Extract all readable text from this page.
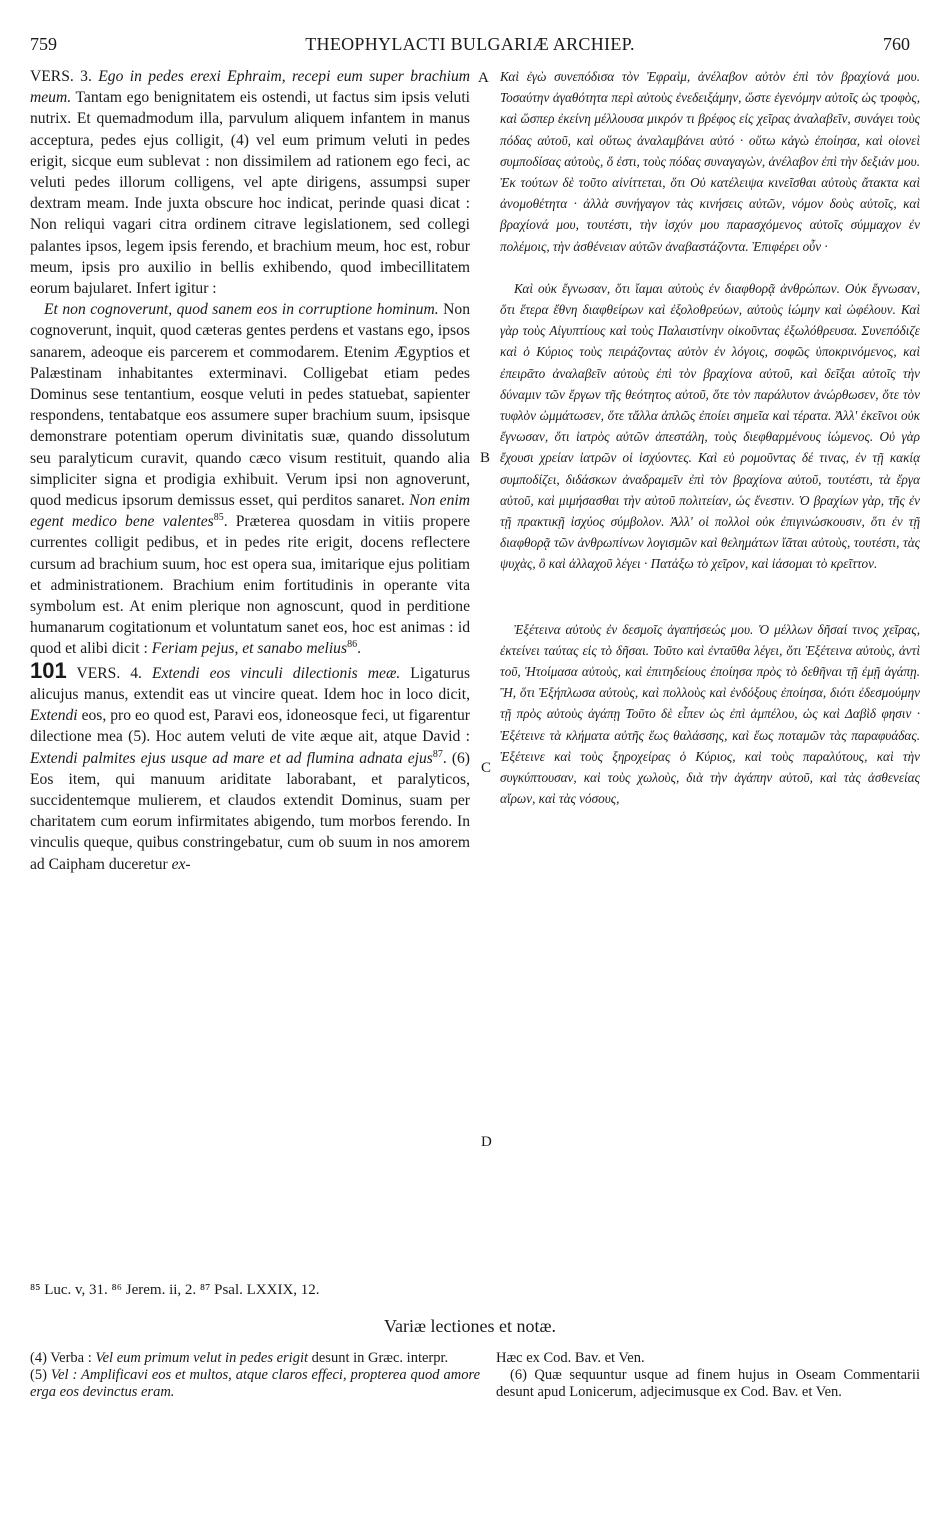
759	THEOPHYLACTI BULGARIÆ ARCHIEP.	760
A
B
C
D

VERS. 3. Ego in pedes erexi Ephraim, recepi eum super brachium meum. Tantam ego benignitatem eis ostendi, ut factus sim ipsis veluti nutrix. Et quemadmodum illa, parvulum aliquem infantem in manus acceptura, pedes ejus colligit, (4) vel eum primum veluti in pedes erigit, sicque eum sublevat : non dissimilem ad rationem ego feci, ac veluti pedes illorum colligens, vel apte dirigens, assumpsi super dextram meam. Inde juxta obscure hoc indicat, perinde quasi dicat : Non reliqui vagari citra ordinem citrave legislationem, sed collegi palantes ipsos, legem ipsis ferendo, et brachium meum, hoc est, robur meum, ipsis pro auxilio in bellis exhibendo, quod imbecillitatem eorum bajularet. Infert igitur :

Et non cognoverunt, quod sanem eos in corruptione hominum. Non cognoverunt, inquit, quod cæteras gentes perdens et vastans ego, ipsos sanarem, adeoque eis parcerem et commodarem. Etenim Ægyptios et Palæstinam inhabitantes exterminavi. Colligebat etiam pedes Dominus sese tentantium, eosque veluti in pedes statuebat, sapienter respondens, tentabatque eos assumere super brachium suum, ipsisque demonstrare potentiam operum divinitatis suæ, quando dissolutum seu paralyticum curavit, quando cæco visum restituit, quando alia simpliciter signa et prodigia exhibuit. Verum ipsi non agnoverunt, quod medicus ipsorum demissus esset, qui perditos sanaret. Non enim egent medico bene valentes$^{85}$. Præterea quosdam in vitiis propere currentes colligit pedibus, et in pedes rite erigit, docens reflectere cursum ad brachium suum, hoc est opera sua, imitarique ejus politiam et administrationem. Brachium enim fortitudinis in operante vita symbolum est. At enim plerique non agnoscunt, quod in perditione humanarum cogitationum et voluntatum sanet eos, hoc est animas : id quod et alibi dicit : Feriam pejus, et sanabo melius$^{86}$.

101 VERS. 4. Extendi eos vinculi dilectionis meæ. Ligaturus alicujus manus, extendit eas ut vincire queat. Idem hoc in loco dicit, Extendi eos, pro eo quod est, Paravi eos, idoneosque feci, ut figarentur dilectione mea (5). Hoc autem veluti de vite æque ait, atque David : Extendi palmites ejus usque ad mare et ad flumina adnata ejus$^{87}$. (6) Eos item, qui manuum ariditate laborabant, et paralyticos, succidentemque mulierem, et claudos extendit Dominus, suam per charitatem cum eorum infirmitates abigendo, tum morbos ferendo. In vinculis queque, quibus constringebatur, cum ob suum in nos amorem ad Caipham duceretur ex-

Καὶ ἐγὼ συνεπόδισα τὸν Ἐφραὶμ, ἀνέλαβον αὐτὸν ἐπὶ τὸν βραχίονά μου. Τοσαύτην ἀγαθότητα περὶ αὐτοὺς ἐνεδειξάμην, ὥστε ἐγενόμην αὐτοῖς ὡς τροφὸς, καὶ ὥσπερ ἐκείνη μέλλουσα μικρόν τι βρέφος εἰς χεῖρας ἀναλαβεῖν, συνάγει τοὺς πόδας αὐτοῦ, καὶ οὕτως ἀναλαμβάνει αὐτό · οὕτω κἀγὼ ἐποίησα, καὶ οἱονεὶ συμποδίσας αὐτοὺς, ὅ ἐστι, τοὺς πόδας συναγαγὼν, ἀνέλαβον ἐπὶ τὴν δεξιάν μου. Ἐκ τούτων δὲ τοῦτο αἰνίττεται, ὅτι Οὐ κατέλειψα κινεῖσθαι αὐτοὺς ἄτακτα καὶ ἀνομοθέτητα · ἀλλὰ συνήγαγον τὰς κινήσεις αὐτῶν, νόμον δοὺς αὐτοῖς, καὶ βραχίονά μου, τουτέστι, τὴν ἰσχύν μου παρασχόμενος αὐτοῖς σύμμαχον ἐν πολέμοις, τὴν ἀσθένειαν αὐτῶν ἀναβαστάζοντα. Ἐπιφέρει οὖν ·

Καὶ οὐκ ἔγνωσαν, ὅτι ἴαμαι αὐτοὺς ἐν διαφθορᾷ ἀνθρώπων. Οὐκ ἔγνωσαν, ὅτι ἕτερα ἔθνη διαφθείρων καὶ ἐξολοθρεύων, αὐτοὺς ἰώμην καὶ ὠφέλουν. Καὶ γὰρ τοὺς Αἰγυπτίους καὶ τοὺς Παλαιστίνην οἰκοῦντας ἐξωλόθρευσα. Συνεπόδιζε καὶ ὁ Κύριος τοὺς πειράζοντας αὐτὸν ἐν λόγοις, σοφῶς ὑποκρινόμενος, καὶ ἐπειρᾶτο ἀναλαβεῖν αὐτοὺς ἐπὶ τὸν βραχίονα αὐτοῦ, καὶ δεῖξαι αὐτοῖς τὴν δύναμιν τῶν ἔργων τῆς θεότητος αὐτοῦ, ὅτε τὸν παράλυτον ἀνώρθωσεν, ὅτε τὸν τυφλὸν ὠμμάτωσεν, ὅτε τἄλλα ἁπλῶς ἐποίει σημεῖα καὶ τέρατα. Ἀλλ' ἐκεῖνοι οὐκ ἔγνωσαν, ὅτι ἰατρὸς αὐτῶν ἀπεστάλη, τοὺς διεφθαρμένους ἰώμενος. Οὐ γὰρ ἔχουσι χρείαν ἰατρῶν οἱ ἰσχύοντες. Καὶ εὐ ρομοῦντας δέ τινας, ἐν τῇ κακίᾳ συμποδίζει, διδάσκων ἀναδραμεῖν ἐπὶ τὸν βραχίονα αὐτοῦ, τουτέστι, τὰ ἔργα αὐτοῦ, καὶ μιμήσασθαι τὴν αὐτοῦ πολιτείαν, ὡς ἔνεστιν. Ὁ βραχίων γὰρ, τῆς ἐν τῇ πρακτικῇ ἰσχύος σύμβολον. Ἀλλ' οἱ πολλοὶ οὐκ ἐπιγινώσκουσιν, ὅτι ἐν τῇ διαφθορᾷ τῶν ἀνθρωπίνων λογισμῶν καὶ θελημάτων ἴᾶται αὐτοὺς, τουτέστι, τὰς ψυχὰς, ὃ καὶ ἀλλαχοῦ λέγει · Πατάξω τὸ χεῖρον, καὶ ἰάσομαι τὸ κρεῖττον.

Ἐξέτεινα αὐτοὺς ἐν δεσμοῖς ἀγαπήσεώς μου. Ὁ μέλλων δῆσαί τινος χεῖρας, ἐκτείνει ταύτας εἰς τὸ δῆσαι. Τοῦτο καὶ ἐνταῦθα λέγει, ὅτι Ἐξέτεινα αὐτοὺς, ἀντὶ τοῦ, Ἡτοίμασα αὐτοὺς, καὶ ἐπιτηδείους ἐποίησα πρὸς τὸ δεθῆναι τῇ ἐμῇ ἀγάπῃ. Ἢ, ὅτι Ἐξήπλωσα αὐτοὺς, καὶ πολλοὺς καὶ ἐνδόξους ἐποίησα, διότι ἐδεσμούμην τῇ πρὸς αὐτοὺς ἀγάπῃ Τοῦτο δὲ εἶπεν ὡς ἐπὶ ἀμπέλου, ὡς καὶ Δαβὶδ φησιν · Ἐξέτεινε τὰ κλήματα αὐτῆς ἕως θαλάσσης, καὶ ἕως ποταμῶν τὰς παραφυάδας. Ἐξέτεινε καὶ τοὺς ξηροχείρας ὁ Κύριος, καὶ τοὺς παραλύτους, καὶ τὴν συγκύπτουσαν, καὶ τοὺς χωλοὺς, διὰ τὴν ἀγάπην αὐτοῦ, καὶ τὰς ἀσθενείας αἴρων, καὶ τὰς νόσους,

⁸⁵ Luc. v, 31. ⁸⁶ Jerem. ii, 2. ⁸⁷ Psal. LXXIX, 12.
Variæ lectiones et notæ.

(4) Verba : Vel eum primum velut in pedes erigit desunt in Græc. interpr.

(5) Vel : Amplificavi eos et multos, atque claros effeci, propterea quod amore erga eos devinctus eram.

Hæc ex Cod. Bav. et Ven.

(6) Quæ sequuntur usque ad finem hujus in Oseam Commentarii desunt apud Lonicerum, adjecimusque ex Cod. Bav. et Ven.
